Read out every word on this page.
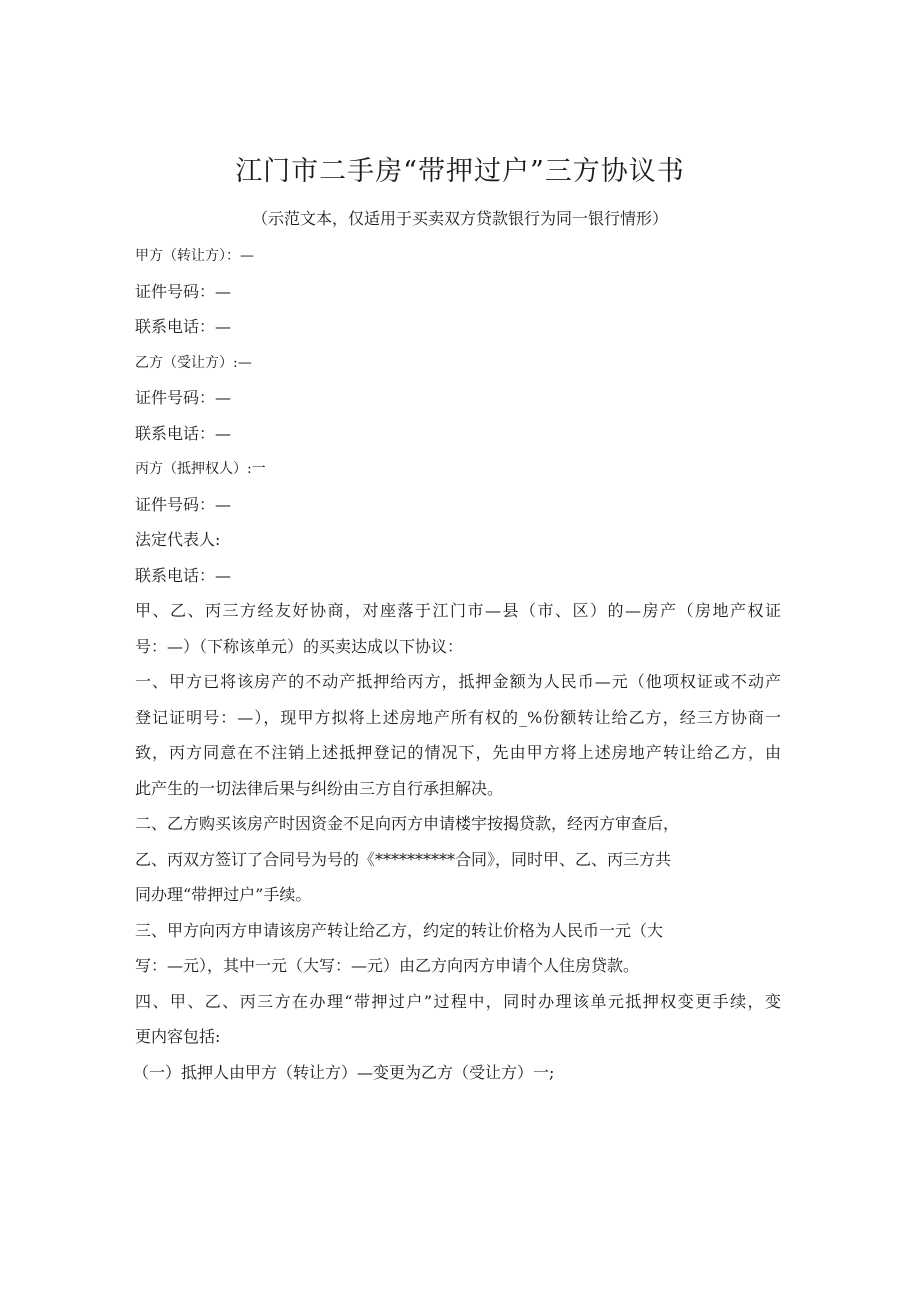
江门市二手房“带押过户”三方协议书
（示范文本，仅适用于买卖双方贷款银行为同一银行情形）
甲方（转让方）：—
证件号码：—
联系电话：—
乙方（受让方）:—
证件号码：—
联系电话：—
丙方（抵押权人）:一
证件号码：—
法定代表人:
联系电话：—
甲、乙、丙三方经友好协商，对座落于江门市—县（市、区）的—房产（房地产权证
号：—）（下称该单元）的买卖达成以下协议：
一、甲方已将该房产的不动产抵押给丙方，抵押金额为人民币—元（他项权证或不动产
登记证明号：—），现甲方拟将上述房地产所有权的_%份额转让给乙方，经三方协商一
致，丙方同意在不注销上述抵押登记的情况下，先由甲方将上述房地产转让给乙方，由
此产生的一切法律后果与纠纷由三方自行承担解决。
二、乙方购买该房产时因资金不足向丙方申请楼宇按揭贷款，经丙方审查后，
乙、丙双方签订了合同号为号的《**********合同》，同时甲、乙、丙三方共
同办理“带押过户”手续。
三、甲方向丙方申请该房产转让给乙方，约定的转让价格为人民币一元（大
写：—元），其中一元（大写：—元）由乙方向丙方申请个人住房贷款。
四、甲、乙、丙三方在办理“带押过户”过程中，同时办理该单元抵押权变更手续，变
更内容包括:
（一）抵押人由甲方（转让方）—变更为乙方（受让方）一;
